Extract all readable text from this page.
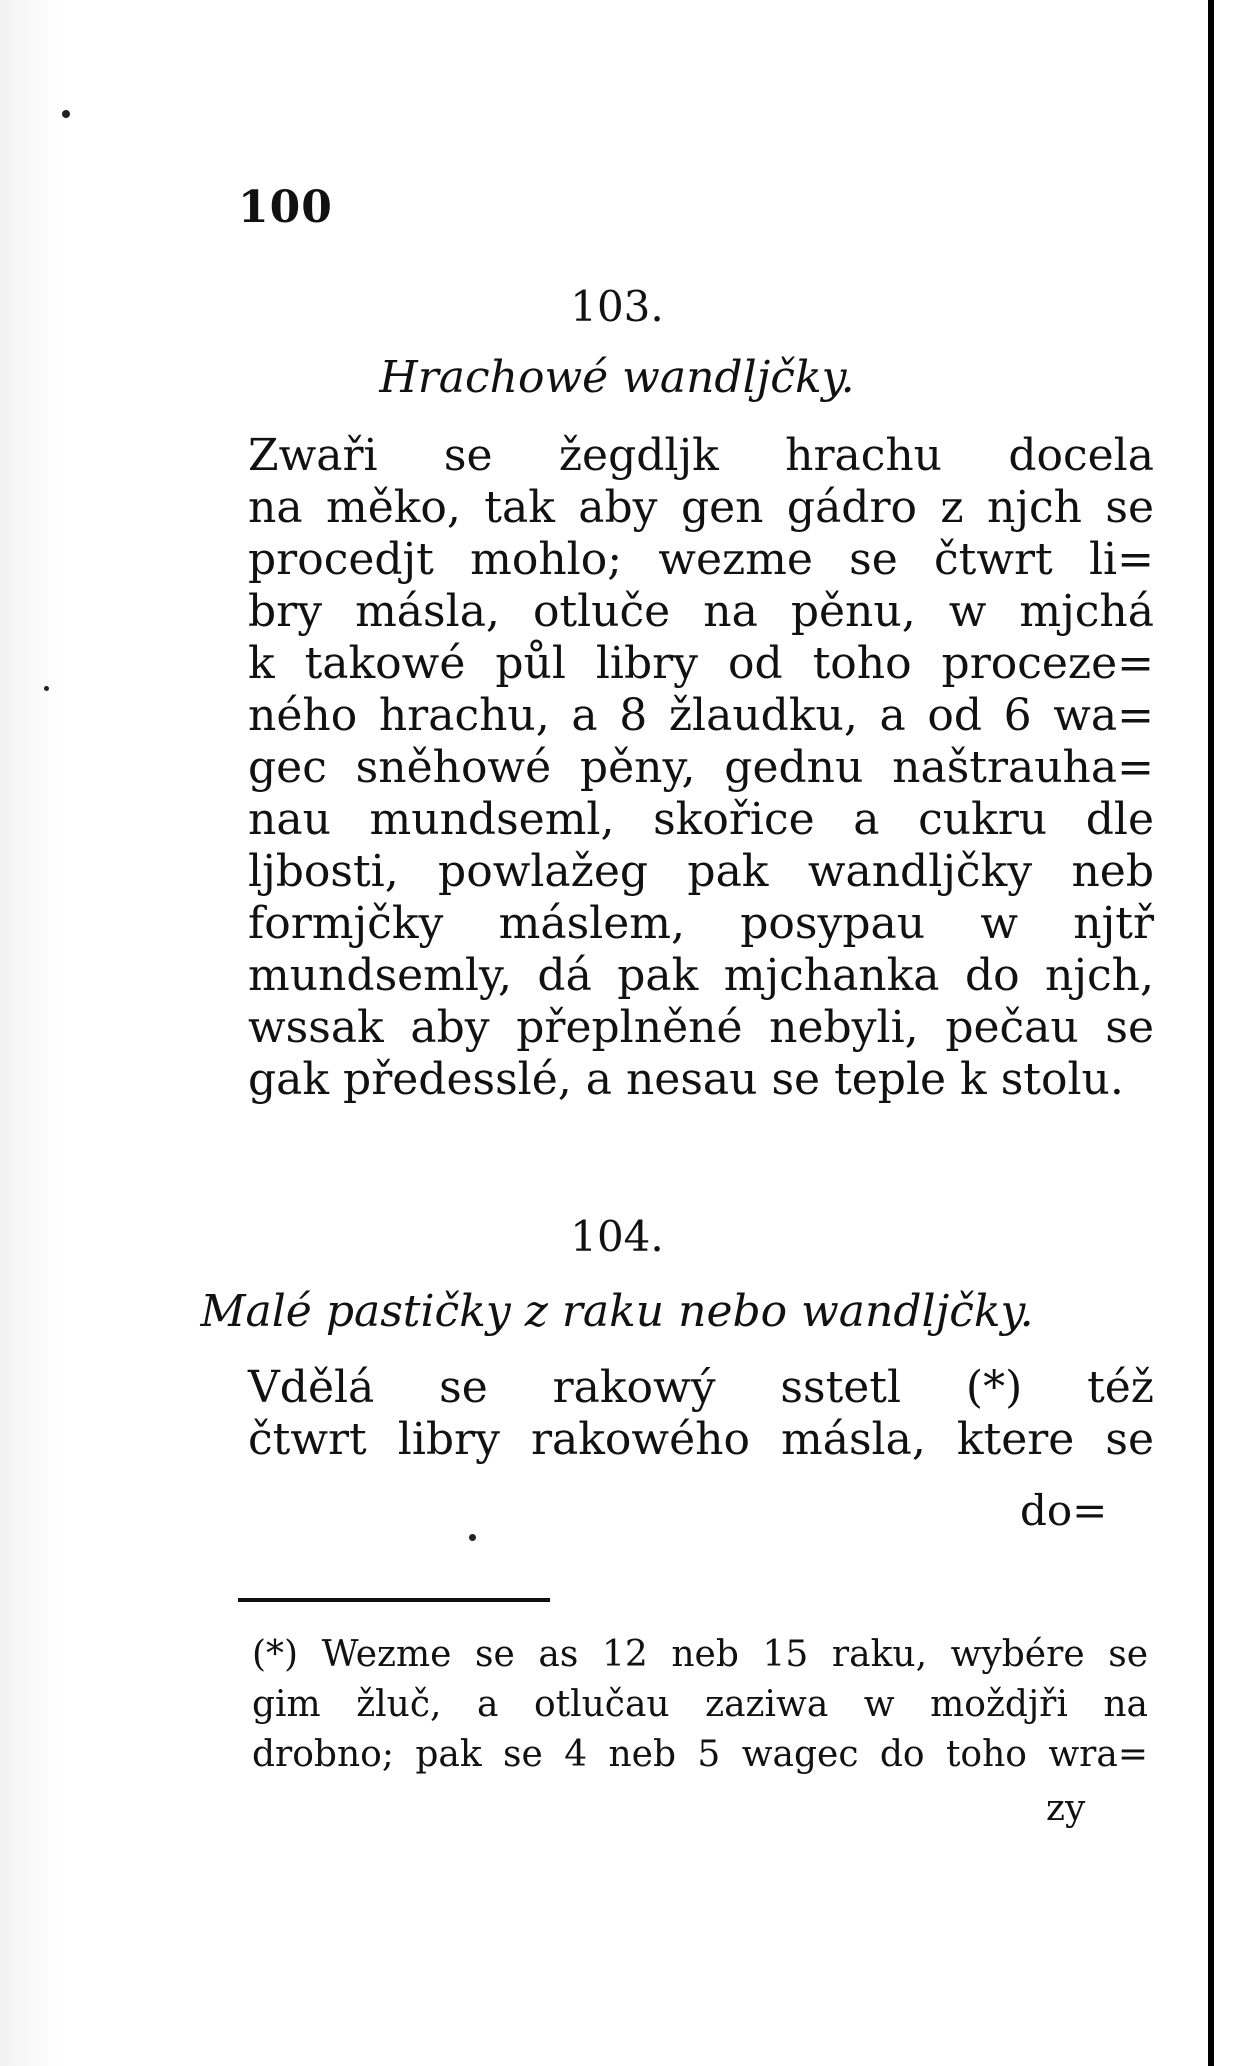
100
103.
Hrachowé wandljčky.
Zwaři se žegdljk hrachu docela
na měko, tak aby gen gádro z njch se
procedjt mohlo; wezme se čtwrt li=
bry másla, otluče na pěnu, w mjchá
k takowé půl libry od toho proceze=
ného hrachu, a 8 žlaudku, a od 6 wa=
gec sněhowé pěny, gednu naštrauha=
nau mundseml, skořice a cukru dle
ljbosti, powlažeg pak wandljčky neb
formjčky máslem, posypau w njtř
mundsemly, dá pak mjchanka do njch,
wssak aby přeplněné nebyli, pečau se
gak předesslé, a nesau se teple k stolu.
104.
Malé pastičky z raku nebo wandljčky.
Vdělá se rakowý sstetl (*) též
čtwrt libry rakowého másla, ktere se
do=
(*) Wezme se as 12 neb 15 raku, wybére se
gim žluč, a otlučau zaziwa w moždjři na
drobno; pak se 4 neb 5 wagec do toho wra=
zy
